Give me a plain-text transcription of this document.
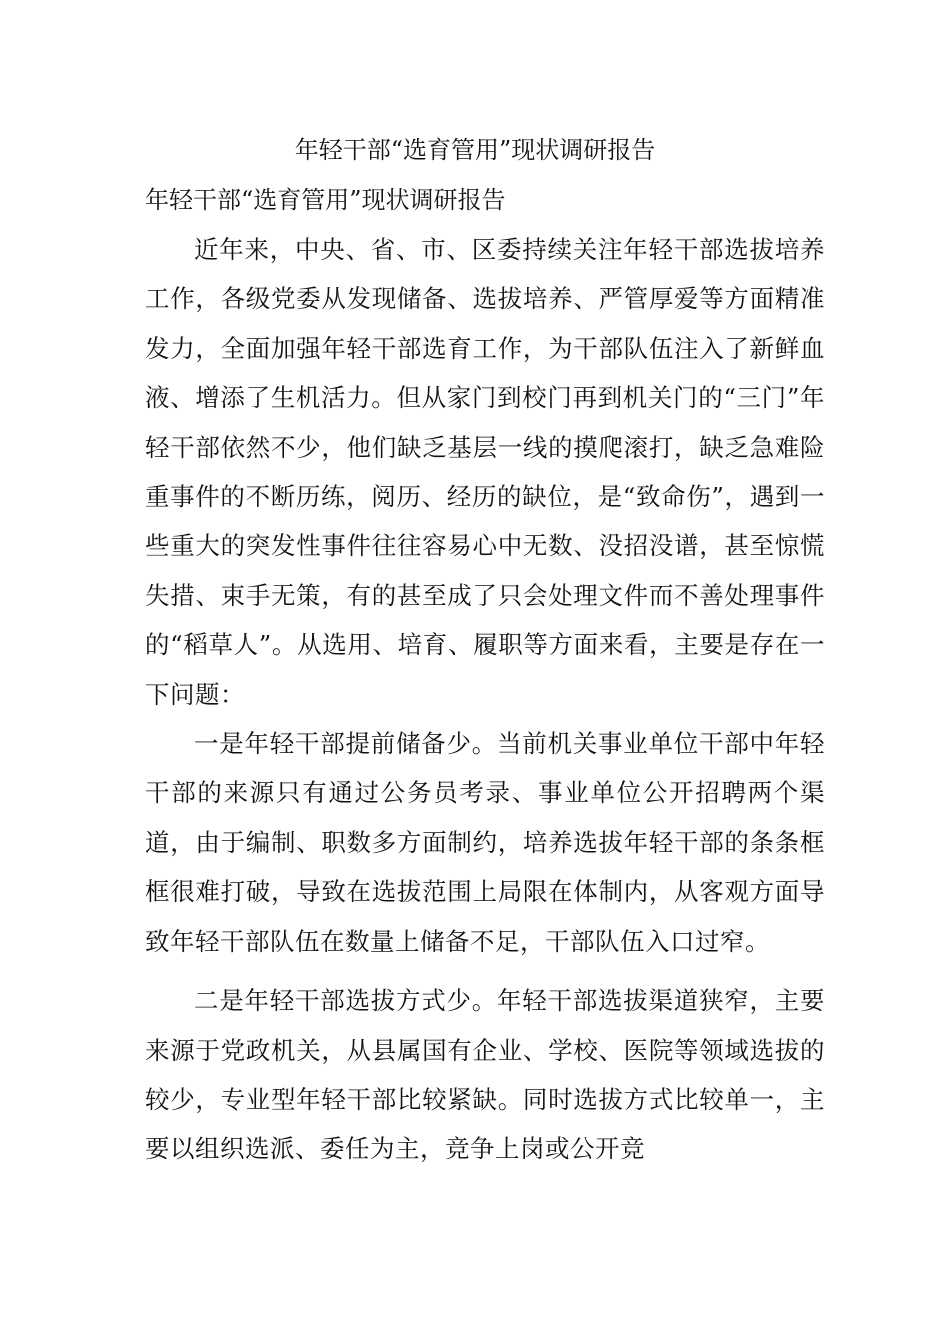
年轻干部“选育管用”现状调研报告
年轻干部“选育管用”现状调研报告

近年来，中央、省、市、区委持续关注年轻干部选拔培养工作，各级党委从发现储备、选拔培养、严管厚爱等方面精准发力，全面加强年轻干部选育工作，为干部队伍注入了新鲜血液、增添了生机活力。但从家门到校门再到机关门的“三门”年轻干部依然不少，他们缺乏基层一线的摸爬滚打，缺乏急难险重事件的不断历练，阅历、经历的缺位，是“致命伤”，遇到一些重大的突发性事件往往容易心中无数、没招没谱，甚至惊慌失措、束手无策，有的甚至成了只会处理文件而不善处理事件的“稻草人”。从选用、培育、履职等方面来看，主要是存在一下问题：

一是年轻干部提前储备少。当前机关事业单位干部中年轻干部的来源只有通过公务员考录、事业单位公开招聘两个渠道，由于编制、职数多方面制约，培养选拔年轻干部的条条框框很难打破，导致在选拔范围上局限在体制内，从客观方面导致年轻干部队伍在数量上储备不足，干部队伍入口过窄。

二是年轻干部选拔方式少。年轻干部选拔渠道狭窄，主要来源于党政机关，从县属国有企业、学校、医院等领域选拔的较少，专业型年轻干部比较紧缺。同时选拔方式比较单一，主要以组织选派、委任为主，竞争上岗或公开竞
